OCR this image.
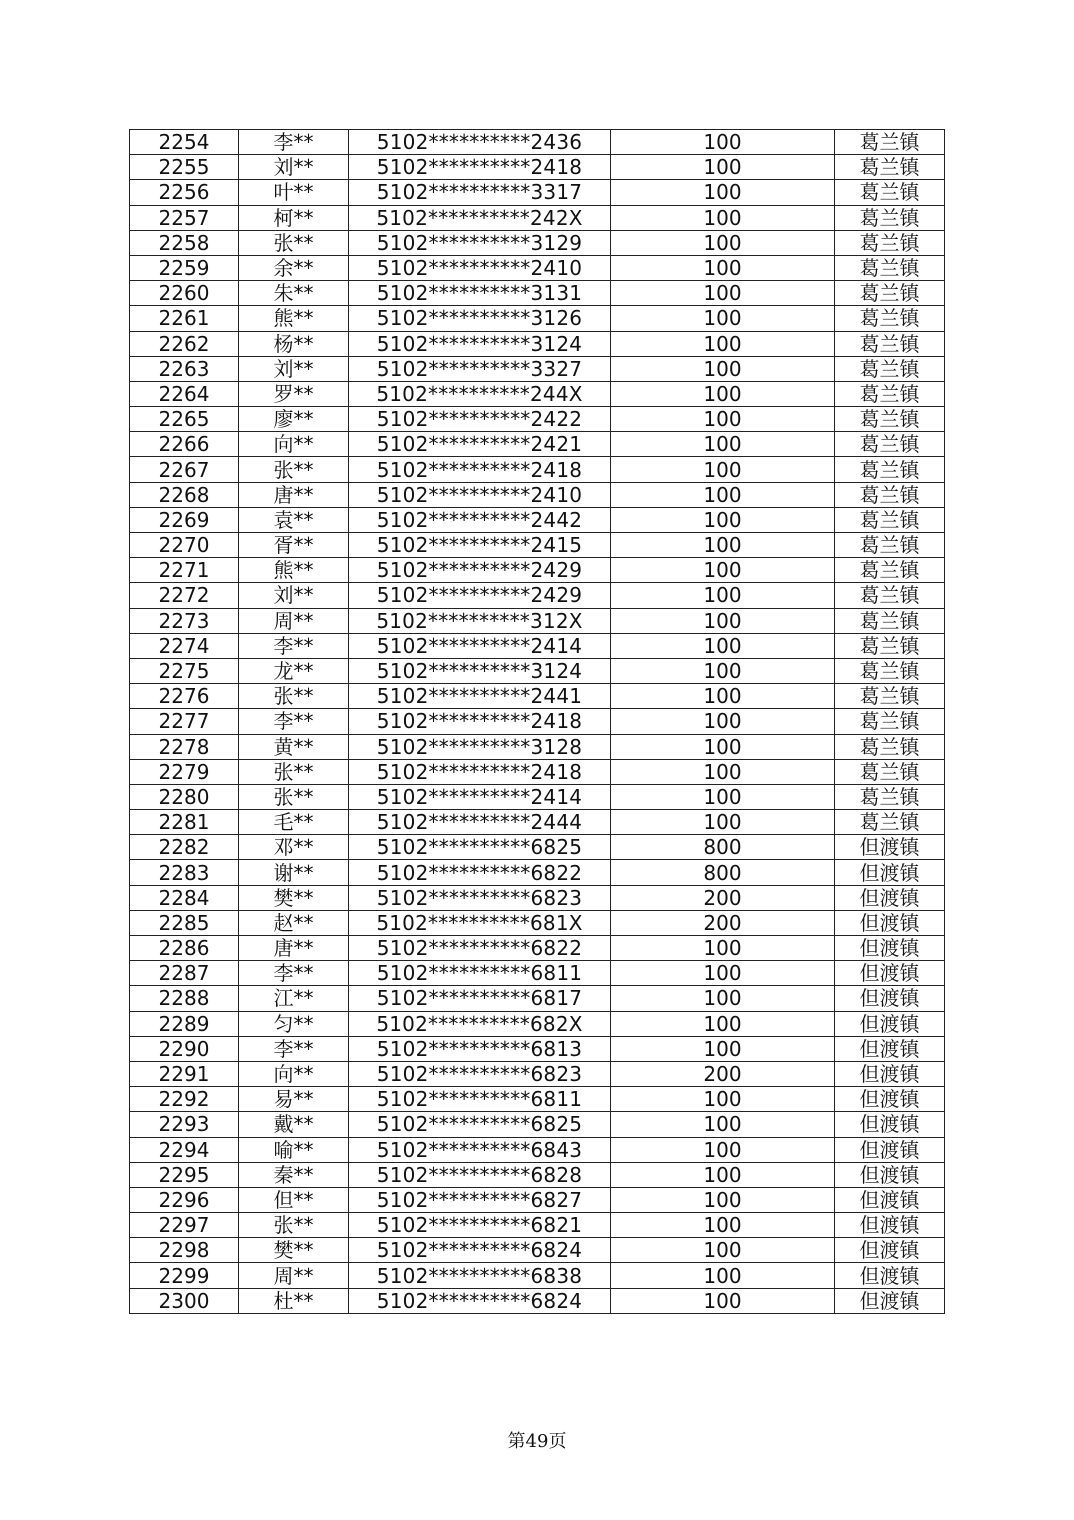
2254	李**	5102**********2436	100	葛兰镇
2255	刘**	5102**********2418	100	葛兰镇
2256	叶**	5102**********3317	100	葛兰镇
2257	柯**	5102**********242X	100	葛兰镇
2258	张**	5102**********3129	100	葛兰镇
2259	余**	5102**********2410	100	葛兰镇
2260	朱**	5102**********3131	100	葛兰镇
2261	熊**	5102**********3126	100	葛兰镇
2262	杨**	5102**********3124	100	葛兰镇
2263	刘**	5102**********3327	100	葛兰镇
2264	罗**	5102**********244X	100	葛兰镇
2265	廖**	5102**********2422	100	葛兰镇
2266	向**	5102**********2421	100	葛兰镇
2267	张**	5102**********2418	100	葛兰镇
2268	唐**	5102**********2410	100	葛兰镇
2269	袁**	5102**********2442	100	葛兰镇
2270	胥**	5102**********2415	100	葛兰镇
2271	熊**	5102**********2429	100	葛兰镇
2272	刘**	5102**********2429	100	葛兰镇
2273	周**	5102**********312X	100	葛兰镇
2274	李**	5102**********2414	100	葛兰镇
2275	龙**	5102**********3124	100	葛兰镇
2276	张**	5102**********2441	100	葛兰镇
2277	李**	5102**********2418	100	葛兰镇
2278	黄**	5102**********3128	100	葛兰镇
2279	张**	5102**********2418	100	葛兰镇
2280	张**	5102**********2414	100	葛兰镇
2281	毛**	5102**********2444	100	葛兰镇
2282	邓**	5102**********6825	800	但渡镇
2283	谢**	5102**********6822	800	但渡镇
2284	樊**	5102**********6823	200	但渡镇
2285	赵**	5102**********681X	200	但渡镇
2286	唐**	5102**********6822	100	但渡镇
2287	李**	5102**********6811	100	但渡镇
2288	江**	5102**********6817	100	但渡镇
2289	匀**	5102**********682X	100	但渡镇
2290	李**	5102**********6813	100	但渡镇
2291	向**	5102**********6823	200	但渡镇
2292	易**	5102**********6811	100	但渡镇
2293	戴**	5102**********6825	100	但渡镇
2294	喻**	5102**********6843	100	但渡镇
2295	秦**	5102**********6828	100	但渡镇
2296	但**	5102**********6827	100	但渡镇
2297	张**	5102**********6821	100	但渡镇
2298	樊**	5102**********6824	100	但渡镇
2299	周**	5102**********6838	100	但渡镇
2300	杜**	5102**********6824	100	但渡镇
第49页
